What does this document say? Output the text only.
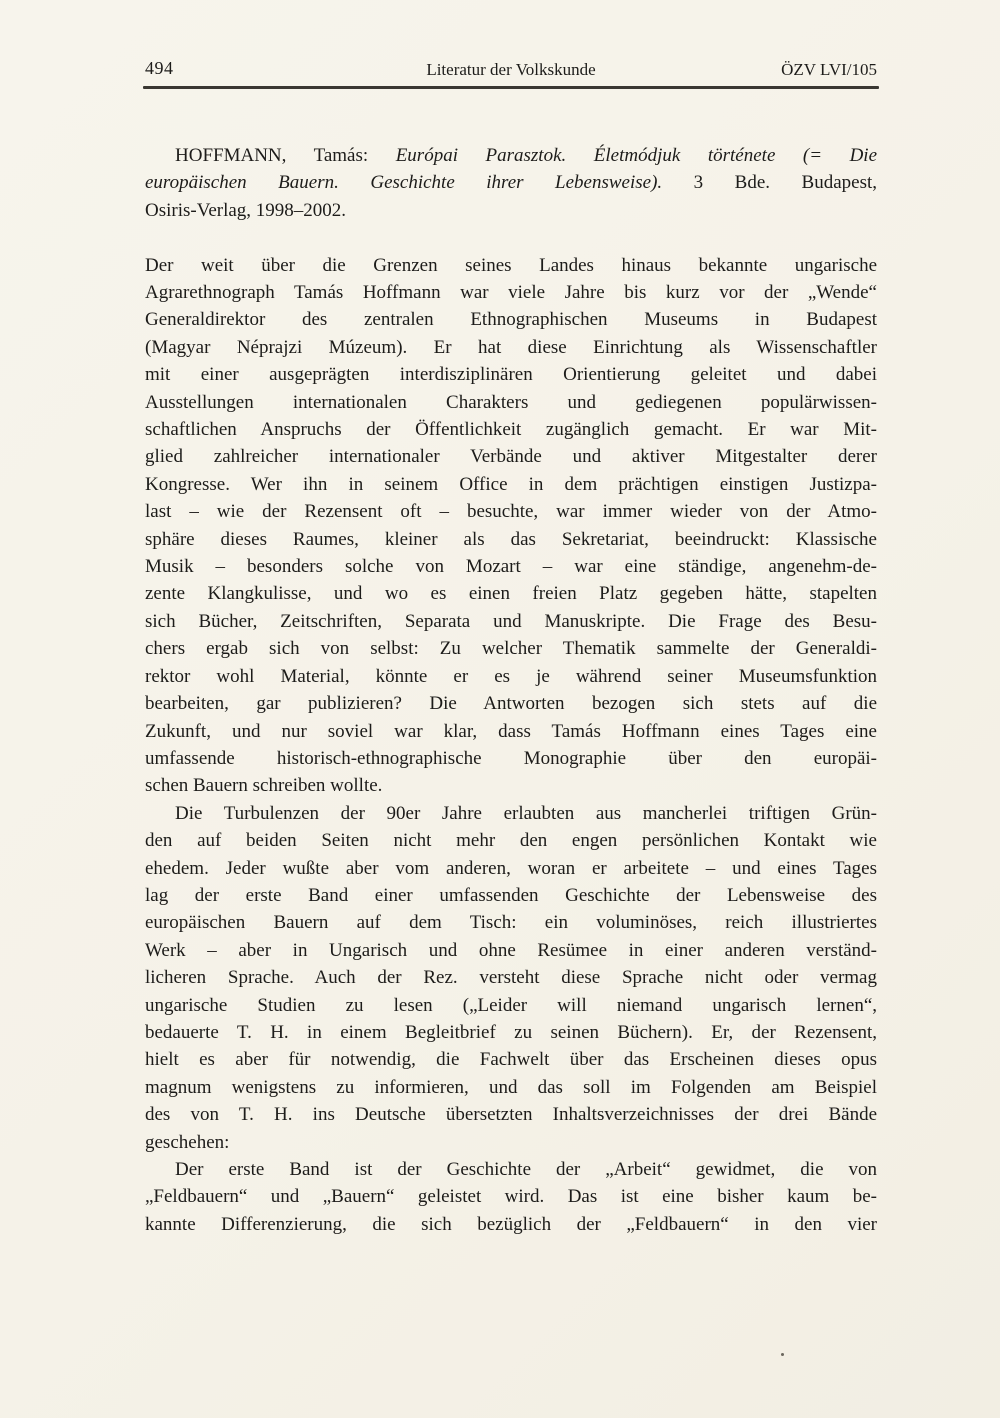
494	Literatur der Volkskunde	ÖZV LVI/105
HOFFMANN, Tamás: Európai Parasztok. Életmódjuk története (= Die
europäischen Bauern. Geschichte ihrer Lebensweise). 3 Bde. Budapest,
Osiris-Verlag, 1998–2002.
Der weit über die Grenzen seines Landes hinaus bekannte ungarische
Agrarethnograph Tamás Hoffmann war viele Jahre bis kurz vor der „Wende“
Generaldirektor des zentralen Ethnographischen Museums in Budapest
(Magyar Néprajzi Múzeum). Er hat diese Einrichtung als Wissenschaftler
mit einer ausgeprägten interdisziplinären Orientierung geleitet und dabei
Ausstellungen internationalen Charakters und gediegenen populärwissen-
schaftlichen Anspruchs der Öffentlichkeit zugänglich gemacht. Er war Mit-
glied zahlreicher internationaler Verbände und aktiver Mitgestalter derer
Kongresse. Wer ihn in seinem Office in dem prächtigen einstigen Justizpa-
last – wie der Rezensent oft – besuchte, war immer wieder von der Atmo-
sphäre dieses Raumes, kleiner als das Sekretariat, beeindruckt: Klassische
Musik – besonders solche von Mozart – war eine ständige, angenehm-de-
zente Klangkulisse, und wo es einen freien Platz gegeben hätte, stapelten
sich Bücher, Zeitschriften, Separata und Manuskripte. Die Frage des Besu-
chers ergab sich von selbst: Zu welcher Thematik sammelte der Generaldi-
rektor wohl Material, könnte er es je während seiner Museumsfunktion
bearbeiten, gar publizieren? Die Antworten bezogen sich stets auf die
Zukunft, und nur soviel war klar, dass Tamás Hoffmann eines Tages eine
umfassende historisch-ethnographische Monographie über den europäi-
schen Bauern schreiben wollte.
Die Turbulenzen der 90er Jahre erlaubten aus mancherlei triftigen Grün-
den auf beiden Seiten nicht mehr den engen persönlichen Kontakt wie
ehedem. Jeder wußte aber vom anderen, woran er arbeitete – und eines Tages
lag der erste Band einer umfassenden Geschichte der Lebensweise des
europäischen Bauern auf dem Tisch: ein voluminöses, reich illustriertes
Werk – aber in Ungarisch und ohne Resümee in einer anderen verständ-
licheren Sprache. Auch der Rez. versteht diese Sprache nicht oder vermag
ungarische Studien zu lesen („Leider will niemand ungarisch lernen“,
bedauerte T. H. in einem Begleitbrief zu seinen Büchern). Er, der Rezensent,
hielt es aber für notwendig, die Fachwelt über das Erscheinen dieses opus
magnum wenigstens zu informieren, und das soll im Folgenden am Beispiel
des von T. H. ins Deutsche übersetzten Inhaltsverzeichnisses der drei Bände
geschehen:
Der erste Band ist der Geschichte der „Arbeit“ gewidmet, die von
„Feldbauern“ und „Bauern“ geleistet wird. Das ist eine bisher kaum be-
kannte Differenzierung, die sich bezüglich der „Feldbauern“ in den vier
